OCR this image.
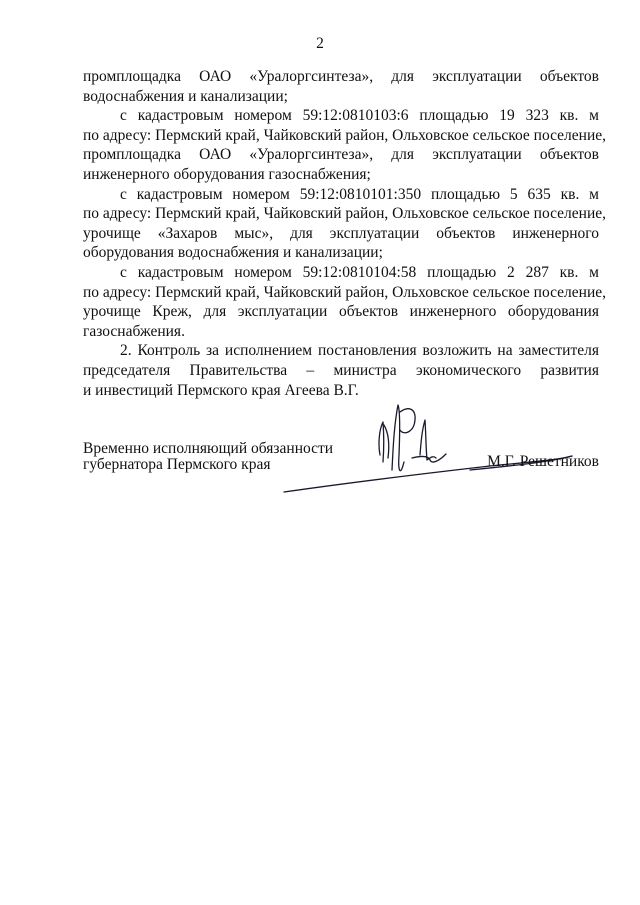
2
промплощадка ОАО «Уралоргсинтеза», для эксплуатации объектов
водоснабжения и канализации;
с кадастровым номером 59:12:0810103:6 площадью 19 323 кв. м
по адресу: Пермский край, Чайковский район, Ольховское сельское поселение,
промплощадка ОАО «Уралоргсинтеза», для эксплуатации объектов
инженерного оборудования газоснабжения;
с кадастровым номером 59:12:0810101:350 площадью 5 635 кв. м
по адресу: Пермский край, Чайковский район, Ольховское сельское поселение,
урочище «Захаров мыс», для эксплуатации объектов инженерного
оборудования водоснабжения и канализации;
с кадастровым номером 59:12:0810104:58 площадью 2 287 кв. м
по адресу: Пермский край, Чайковский район, Ольховское сельское поселение,
урочище Креж, для эксплуатации объектов инженерного оборудования
газоснабжения.
2. Контроль за исполнением постановления возложить на заместителя
председателя Правительства – министра экономического развития
и инвестиций Пермского края Агеева В.Г.
Временно исполняющий обязанности
губернатора Пермского края	М.Г. Решетников
